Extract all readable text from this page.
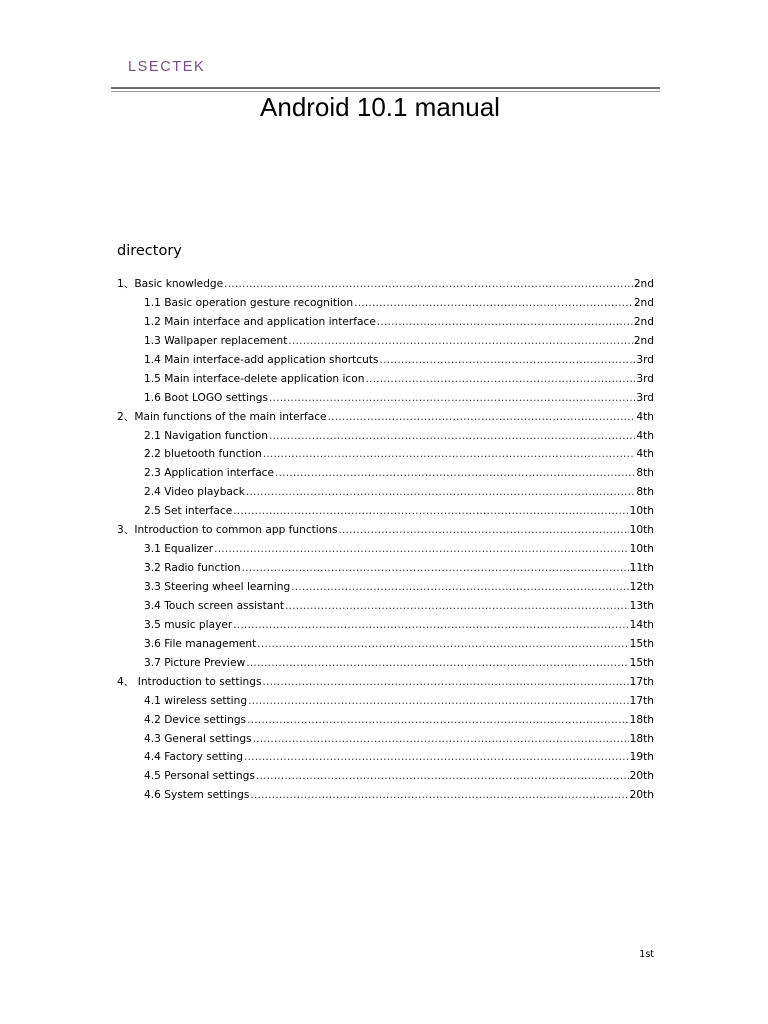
LSECTEK
Android 10.1 manual
directory
1、Basic knowledge .....	2nd
1.1 Basic operation gesture recognition .....	2nd
1.2 Main interface and application interface .....	2nd
1.3 Wallpaper replacement .....	2nd
1.4 Main interface-add application shortcuts .....	3rd
1.5 Main interface-delete application icon .....	3rd
1.6 Boot LOGO settings .....	3rd
2、Main functions of the main interface .....	4th
2.1 Navigation function .....	4th
2.2 bluetooth function .....	4th
2.3 Application interface .....	8th
2.4 Video playback .....	8th
2.5 Set interface .....	10th
3、Introduction to common app functions .....	10th
3.1 Equalizer .....	10th
3.2 Radio function .....	11th
3.3 Steering wheel learning .....	12th
3.4 Touch screen assistant .....	13th
3.5 music player .....	14th
3.6 File management .....	15th
3.7 Picture Preview .....	15th
4、 Introduction to settings .....	17th
4.1 wireless setting .....	17th
4.2 Device settings .....	18th
4.3 General settings .....	18th
4.4 Factory setting .....	19th
4.5 Personal settings .....	20th
4.6 System settings .....	20th
1st
